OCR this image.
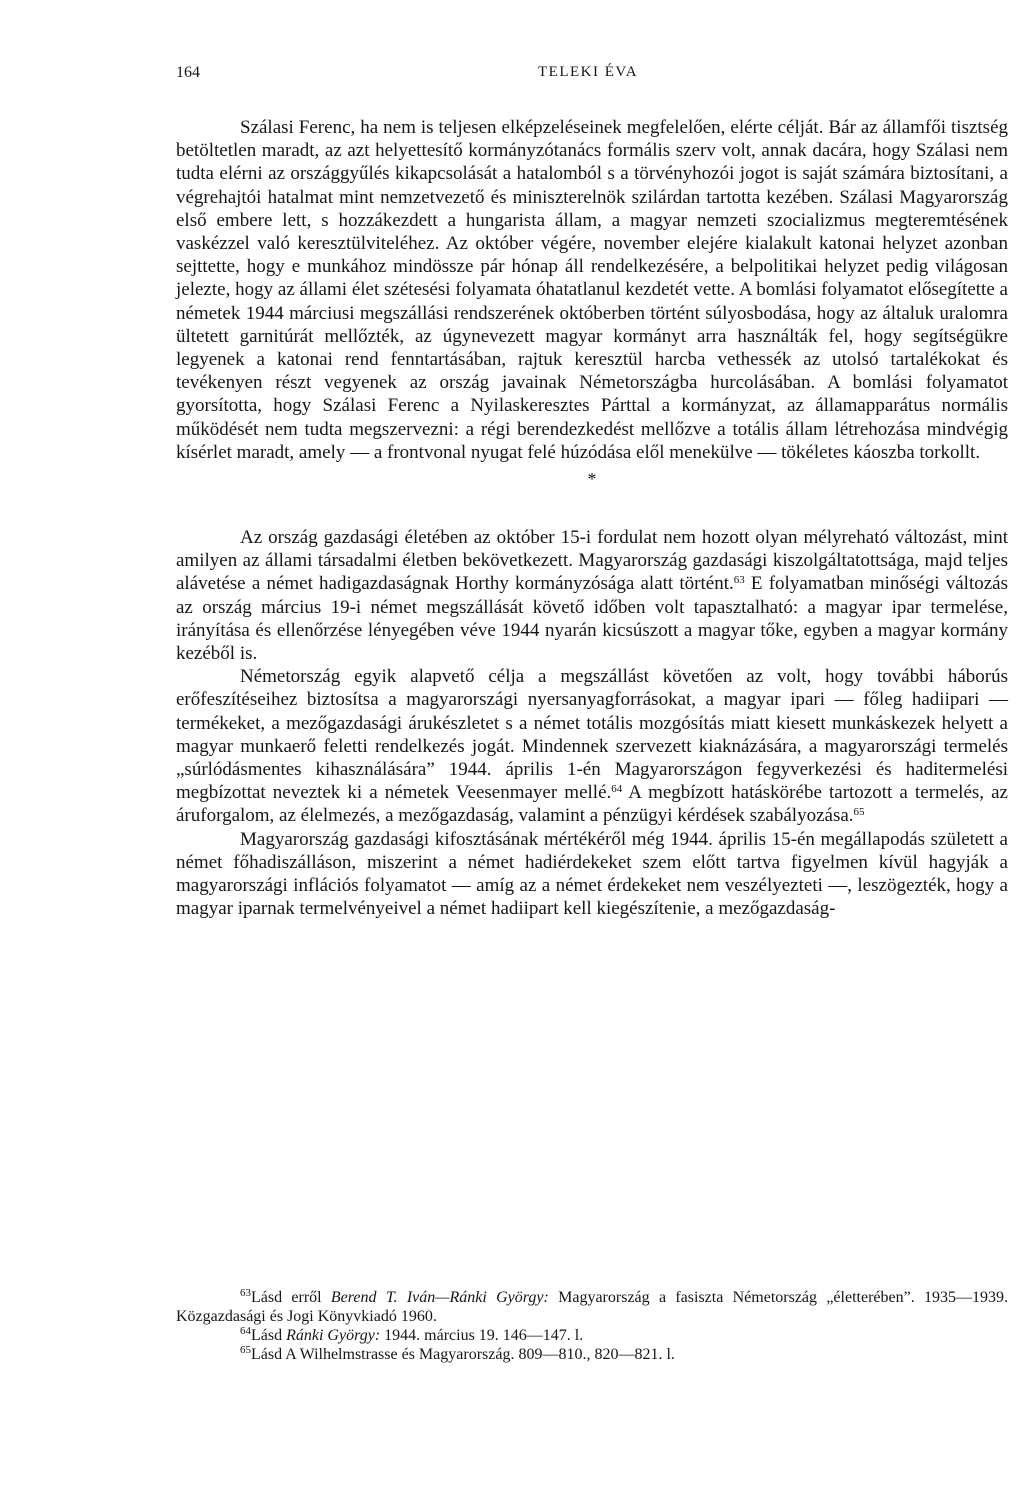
164	TELEKI ÉVA

Szálasi Ferenc, ha nem is teljesen elképzeléseinek megfelelően, elérte célját. Bár az államfői tisztség betöltetlen maradt, az azt helyettesítő kormányzótanács formális szerv volt, annak dacára, hogy Szálasi nem tudta elérni az országgyűlés kikapcsolását a hatalomból s a törvényhozói jogot is saját számára biztosítani, a végrehajtói hatalmat mint nemzetvezető és miniszterelnök szilárdan tartotta kezében. Szálasi Magyarország első embere lett, s hozzákezdett a hungarista állam, a magyar nemzeti szocializmus megteremtésének vaskézzel való keresztülviteléhez. Az október végére, november elejére kialakult katonai helyzet azonban sejttette, hogy e munkához mindössze pár hónap áll rendelkezésére, a belpolitikai helyzet pedig világosan jelezte, hogy az állami élet szétesési folyamata óhatatlanul kezdetét vette. A bomlási folyamatot elősegítette a németek 1944 márciusi megszállási rendszerének októberben történt súlyosbodása, hogy az általuk uralomra ültetett garnitúrát mellőzték, az úgynevezett magyar kormányt arra használták fel, hogy segítségükre legyenek a katonai rend fenntartásában, rajtuk keresztül harcba vethessék az utolsó tartalékokat és tevékenyen részt vegyenek az ország javainak Németországba hurcolásában. A bomlási folyamatot gyorsította, hogy Szálasi Ferenc a Nyilaskeresztes Párttal a kormányzat, az államapparátus normális működését nem tudta megszervezni: a régi berendezkedést mellőzve a totális állam létrehozása mindvégig kísérlet maradt, amely — a frontvonal nyugat felé húzódása elől menekülve — tökéletes káoszba torkollt.

*

Az ország gazdasági életében az október 15-i fordulat nem hozott olyan mélyreható változást, mint amilyen az állami társadalmi életben bekövetkezett. Magyarország gazdasági kiszolgáltatottsága, majd teljes alávetése a német hadigazdaságnak Horthy kormányzósága alatt történt.$^{63}$ E folyamatban minőségi változás az ország március 19-i német megszállását követő időben volt tapasztalható: a magyar ipar termelése, irányítása és ellenőrzése lényegében véve 1944 nyarán kicsúszott a magyar tőke, egyben a magyar kormány kezéből is.

Németország egyik alapvető célja a megszállást követően az volt, hogy további háborús erőfeszítéseihez biztosítsa a magyarországi nyersanyagforrásokat, a magyar ipari — főleg hadiipari — termékeket, a mezőgazdasági árukészletet s a német totális mozgósítás miatt kiesett munkáskezek helyett a magyar munkaerő feletti rendelkezés jogát. Mindennek szervezett kiaknázására, a magyarországi termelés „súrlódásmentes kihasználására” 1944. április 1-én Magyarországon fegyverkezési és haditermelési megbízottat neveztek ki a németek Veesenmayer mellé.$^{64}$ A megbízott hatáskörébe tartozott a termelés, az áruforgalom, az élelmezés, a mezőgazdaság, valamint a pénzügyi kérdések szabályozása.$^{65}$

Magyarország gazdasági kifosztásának mértékéről még 1944. április 15-én megállapodás született a német főhadiszálláson, miszerint a német hadiérdekeket szem előtt tartva figyelmen kívül hagyják a magyarországi inflációs folyamatot — amíg az a német érdekeket nem veszélyezteti —, leszögezték, hogy a magyar iparnak termelvényeivel a német hadiipart kell kiegészítenie, a mezőgazdaság-

$^{63}$Lásd erről Berend T. Iván—Ránki György: Magyarország a fasiszta Németország „életterében”. 1935—1939. Közgazdasági és Jogi Könyvkiadó 1960.

$^{64}$Lásd Ránki György: 1944. március 19. 146—147. l.

$^{65}$Lásd A Wilhelmstrasse és Magyarország. 809—810., 820—821. l.
